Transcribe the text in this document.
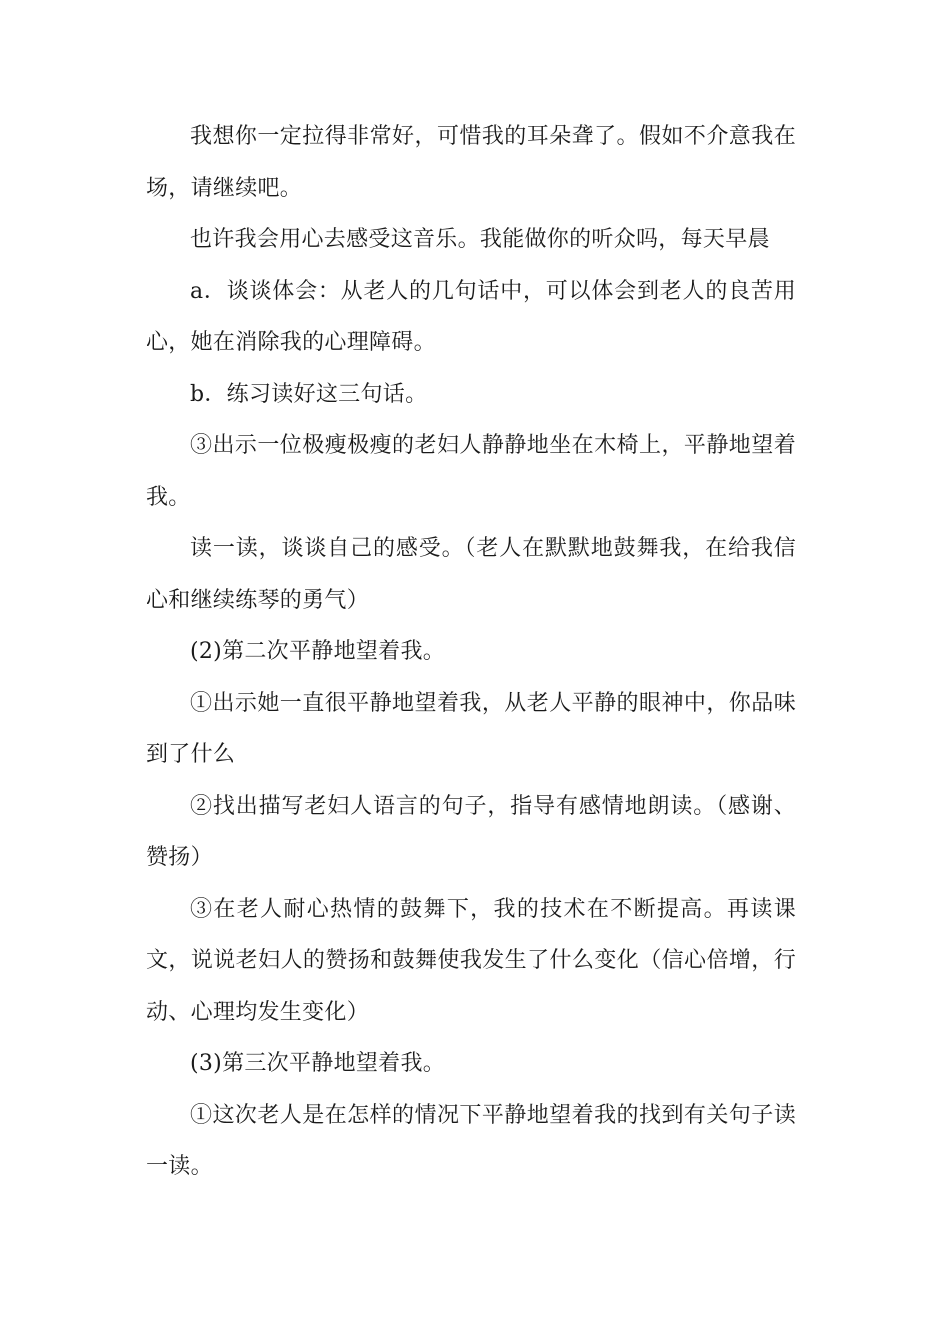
我想你一定拉得非常好，可惜我的耳朵聋了。假如不介意我在场，请继续吧。

也许我会用心去感受这音乐。我能做你的听众吗，每天早晨

a．谈谈体会：从老人的几句话中，可以体会到老人的良苦用心，她在消除我的心理障碍。

b．练习读好这三句话。

③出示一位极瘦极瘦的老妇人静静地坐在木椅上，平静地望着我。

读一读，谈谈自己的感受。（老人在默默地鼓舞我，在给我信心和继续练琴的勇气）

(2)第二次平静地望着我。

①出示她一直很平静地望着我，从老人平静的眼神中，你品味到了什么

②找出描写老妇人语言的句子，指导有感情地朗读。（感谢、赞扬）

③在老人耐心热情的鼓舞下，我的技术在不断提高。再读课文，说说老妇人的赞扬和鼓舞使我发生了什么变化（信心倍增，行动、心理均发生变化）

(3)第三次平静地望着我。

①这次老人是在怎样的情况下平静地望着我的找到有关句子读一读。
